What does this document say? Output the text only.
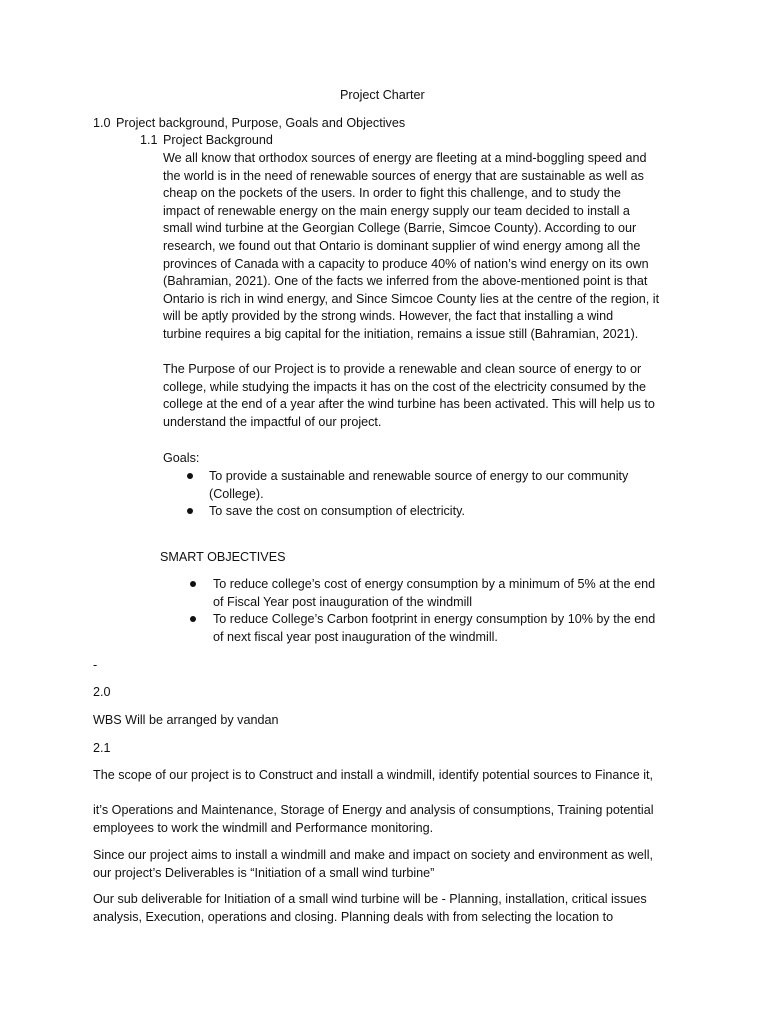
Project Charter
1.0 Project background, Purpose, Goals and Objectives
1.1 Project Background
We all know that orthodox sources of energy are fleeting at a mind-boggling speed and
the world is in the need of renewable sources of energy that are sustainable as well as
cheap on the pockets of the users. In order to fight this challenge, and to study the
impact of renewable energy on the main energy supply our team decided to install a
small wind turbine at the Georgian College (Barrie, Simcoe County). According to our
research, we found out that Ontario is dominant supplier of wind energy among all the
provinces of Canada with a capacity to produce 40% of nation’s wind energy on its own
(Bahramian, 2021). One of the facts we inferred from the above-mentioned point is that
Ontario is rich in wind energy, and Since Simcoe County lies at the centre of the region, it
will be aptly provided by the strong winds. However, the fact that installing a wind
turbine requires a big capital for the initiation, remains a issue still (Bahramian, 2021).
The Purpose of our Project is to provide a renewable and clean source of energy to or
college, while studying the impacts it has on the cost of the electricity consumed by the
college at the end of a year after the wind turbine has been activated. This will help us to
understand the impactful of our project.
Goals:
To provide a sustainable and renewable source of energy to our community
(College).
To save the cost on consumption of electricity.
SMART OBJECTIVES
To reduce college’s cost of energy consumption by a minimum of 5% at the end
of Fiscal Year post inauguration of the windmill
To reduce College’s Carbon footprint in energy consumption by 10% by the end
of next fiscal year post inauguration of the windmill.
-
2.0
WBS Will be arranged by vandan
2.1
The scope of our project is to Construct and install a windmill, identify potential sources to Finance it,
it’s Operations and Maintenance, Storage of Energy and analysis of consumptions, Training potential
employees to work the windmill and Performance monitoring.
Since our project aims to install a windmill and make and impact on society and environment as well,
our project’s Deliverables is “Initiation of a small wind turbine”
Our sub deliverable for Initiation of a small wind turbine will be - Planning, installation, critical issues
analysis, Execution, operations and closing. Planning deals with from selecting the location to
